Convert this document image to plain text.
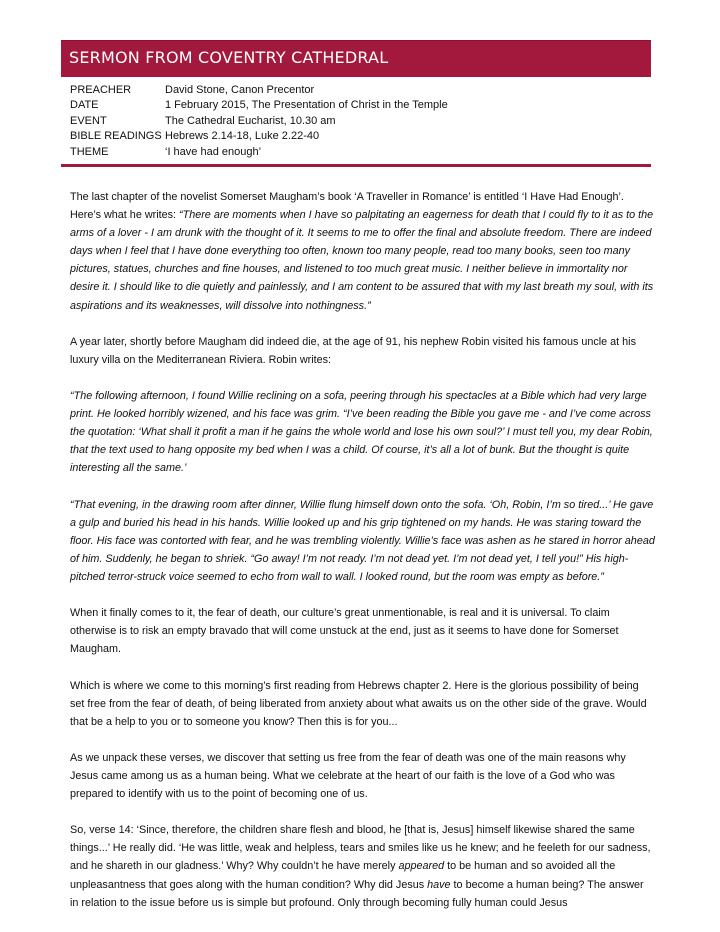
SERMON FROM COVENTRY CATHEDRAL
PREACHER	David Stone, Canon Precentor
DATE	1 February 2015, The Presentation of Christ in the Temple
EVENT	The Cathedral Eucharist, 10.30 am
BIBLE READINGS Hebrews 2.14-18, Luke 2.22-40
THEME	‘I have had enough’

The last chapter of the novelist Somerset Maugham’s book ‘A Traveller in Romance’ is entitled ‘I Have Had Enough’. Here’s what he writes: “There are moments when I have so palpitating an eagerness for death that I could fly to it as to the arms of a lover - I am drunk with the thought of it. It seems to me to offer the final and absolute freedom. There are indeed days when I feel that I have done everything too often, known too many people, read too many books, seen too many pictures, statues, churches and fine houses, and listened to too much great music. I neither believe in immortality nor desire it. I should like to die quietly and painlessly, and I am content to be assured that with my last breath my soul, with its aspirations and its weaknesses, will dissolve into nothingness.”

A year later, shortly before Maugham did indeed die, at the age of 91, his nephew Robin visited his famous uncle at his luxury villa on the Mediterranean Riviera. Robin writes:

“The following afternoon, I found Willie reclining on a sofa, peering through his spectacles at a Bible which had very large print. He looked horribly wizened, and his face was grim. “I’ve been reading the Bible you gave me - and I’ve come across the quotation: ‘What shall it profit a man if he gains the whole world and lose his own soul?’ I must tell you, my dear Robin, that the text used to hang opposite my bed when I was a child. Of course, it’s all a lot of bunk. But the thought is quite interesting all the same.’

“That evening, in the drawing room after dinner, Willie flung himself down onto the sofa. ‘Oh, Robin, I’m so tired...’ He gave a gulp and buried his head in his hands. Willie looked up and his grip tightened on my hands. He was staring toward the floor. His face was contorted with fear, and he was trembling violently. Willie’s face was ashen as he stared in horror ahead of him. Suddenly, he began to shriek. “Go away! I’m not ready. I’m not dead yet. I’m not dead yet, I tell you!” His high-pitched terror-struck voice seemed to echo from wall to wall. I looked round, but the room was empty as before.”

When it finally comes to it, the fear of death, our culture’s great unmentionable, is real and it is universal. To claim otherwise is to risk an empty bravado that will come unstuck at the end, just as it seems to have done for Somerset Maugham.

Which is where we come to this morning’s first reading from Hebrews chapter 2. Here is the glorious possibility of being set free from the fear of death, of being liberated from anxiety about what awaits us on the other side of the grave. Would that be a help to you or to someone you know? Then this is for you...

As we unpack these verses, we discover that setting us free from the fear of death was one of the main reasons why Jesus came among us as a human being. What we celebrate at the heart of our faith is the love of a God who was prepared to identify with us to the point of becoming one of us.

So, verse 14: ‘Since, therefore, the children share flesh and blood, he [that is, Jesus] himself likewise shared the same things...’ He really did. ‘He was little, weak and helpless, tears and smiles like us he knew; and he feeleth for our sadness, and he shareth in our gladness.’ Why? Why couldn’t he have merely appeared to be human and so avoided all the unpleasantness that goes along with the human condition? Why did Jesus have to become a human being? The answer in relation to the issue before us is simple but profound. Only through becoming fully human could Jesus
